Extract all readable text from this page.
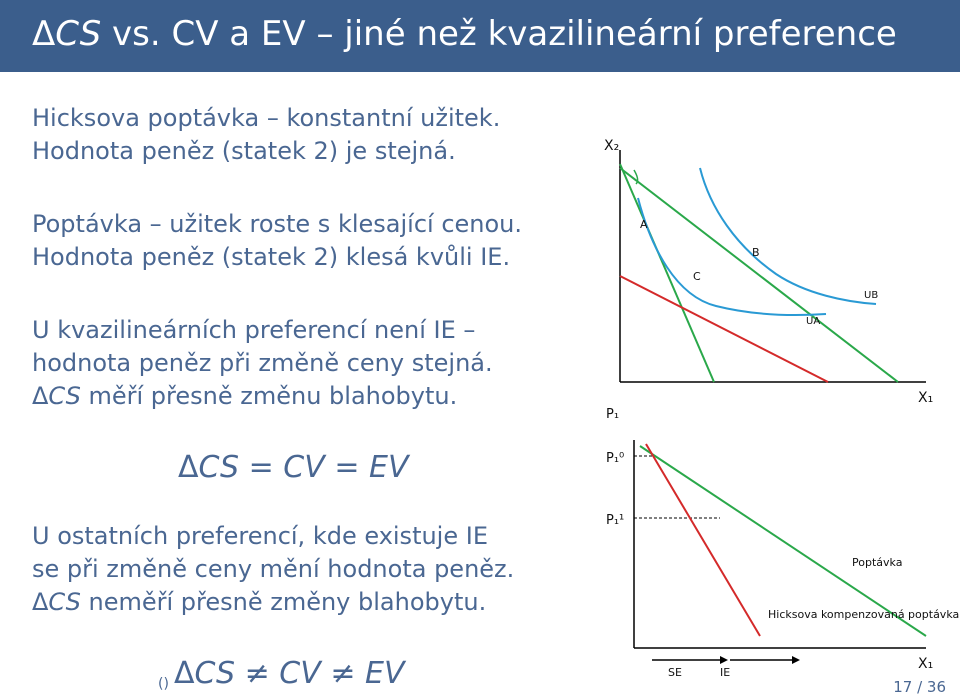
ΔCS vs. CV a EV – jiné než kvazilineární preference

Hicksova poptávka – konstantní užitek.

Hodnota peněz (statek 2) je stejná.

Poptávka – užitek roste s klesající cenou.

Hodnota peněz (statek 2) klesá kvůli IE.

U kvazilineárních preferencí není IE –

hodnota peněz při změně ceny stejná.

ΔCS měří přesně změnu blahobytu.

ΔCS = CV = EV

U ostatních preferencí, kde existuje IE

se při změně ceny mění hodnota peněz.

ΔCS neměří přesně změny blahobytu.

() ΔCS ≠ CV ≠ EV
X₂
X₁
A
B
C
UB
UA
P₁
P₁⁰
P₁¹
Poptávka
Hicksova kompenzovaná poptávka
SE	IE
X₁
17 / 36
